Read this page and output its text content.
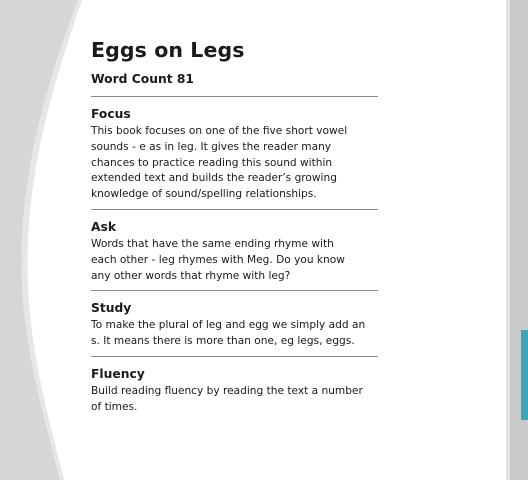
Eggs on Legs
Word Count 81
Focus

This book focuses on one of the five short vowel
sounds - e as in leg. It gives the reader many
chances to practice reading this sound within
extended text and builds the reader’s growing
knowledge of sound/spelling relationships.

Ask

Words that have the same ending rhyme with
each other - leg rhymes with Meg. Do you know
any other words that rhyme with leg?

Study

To make the plural of leg and egg we simply add an
s. It means there is more than one, eg legs, eggs.

Fluency

Build reading fluency by reading the text a number
of times.
